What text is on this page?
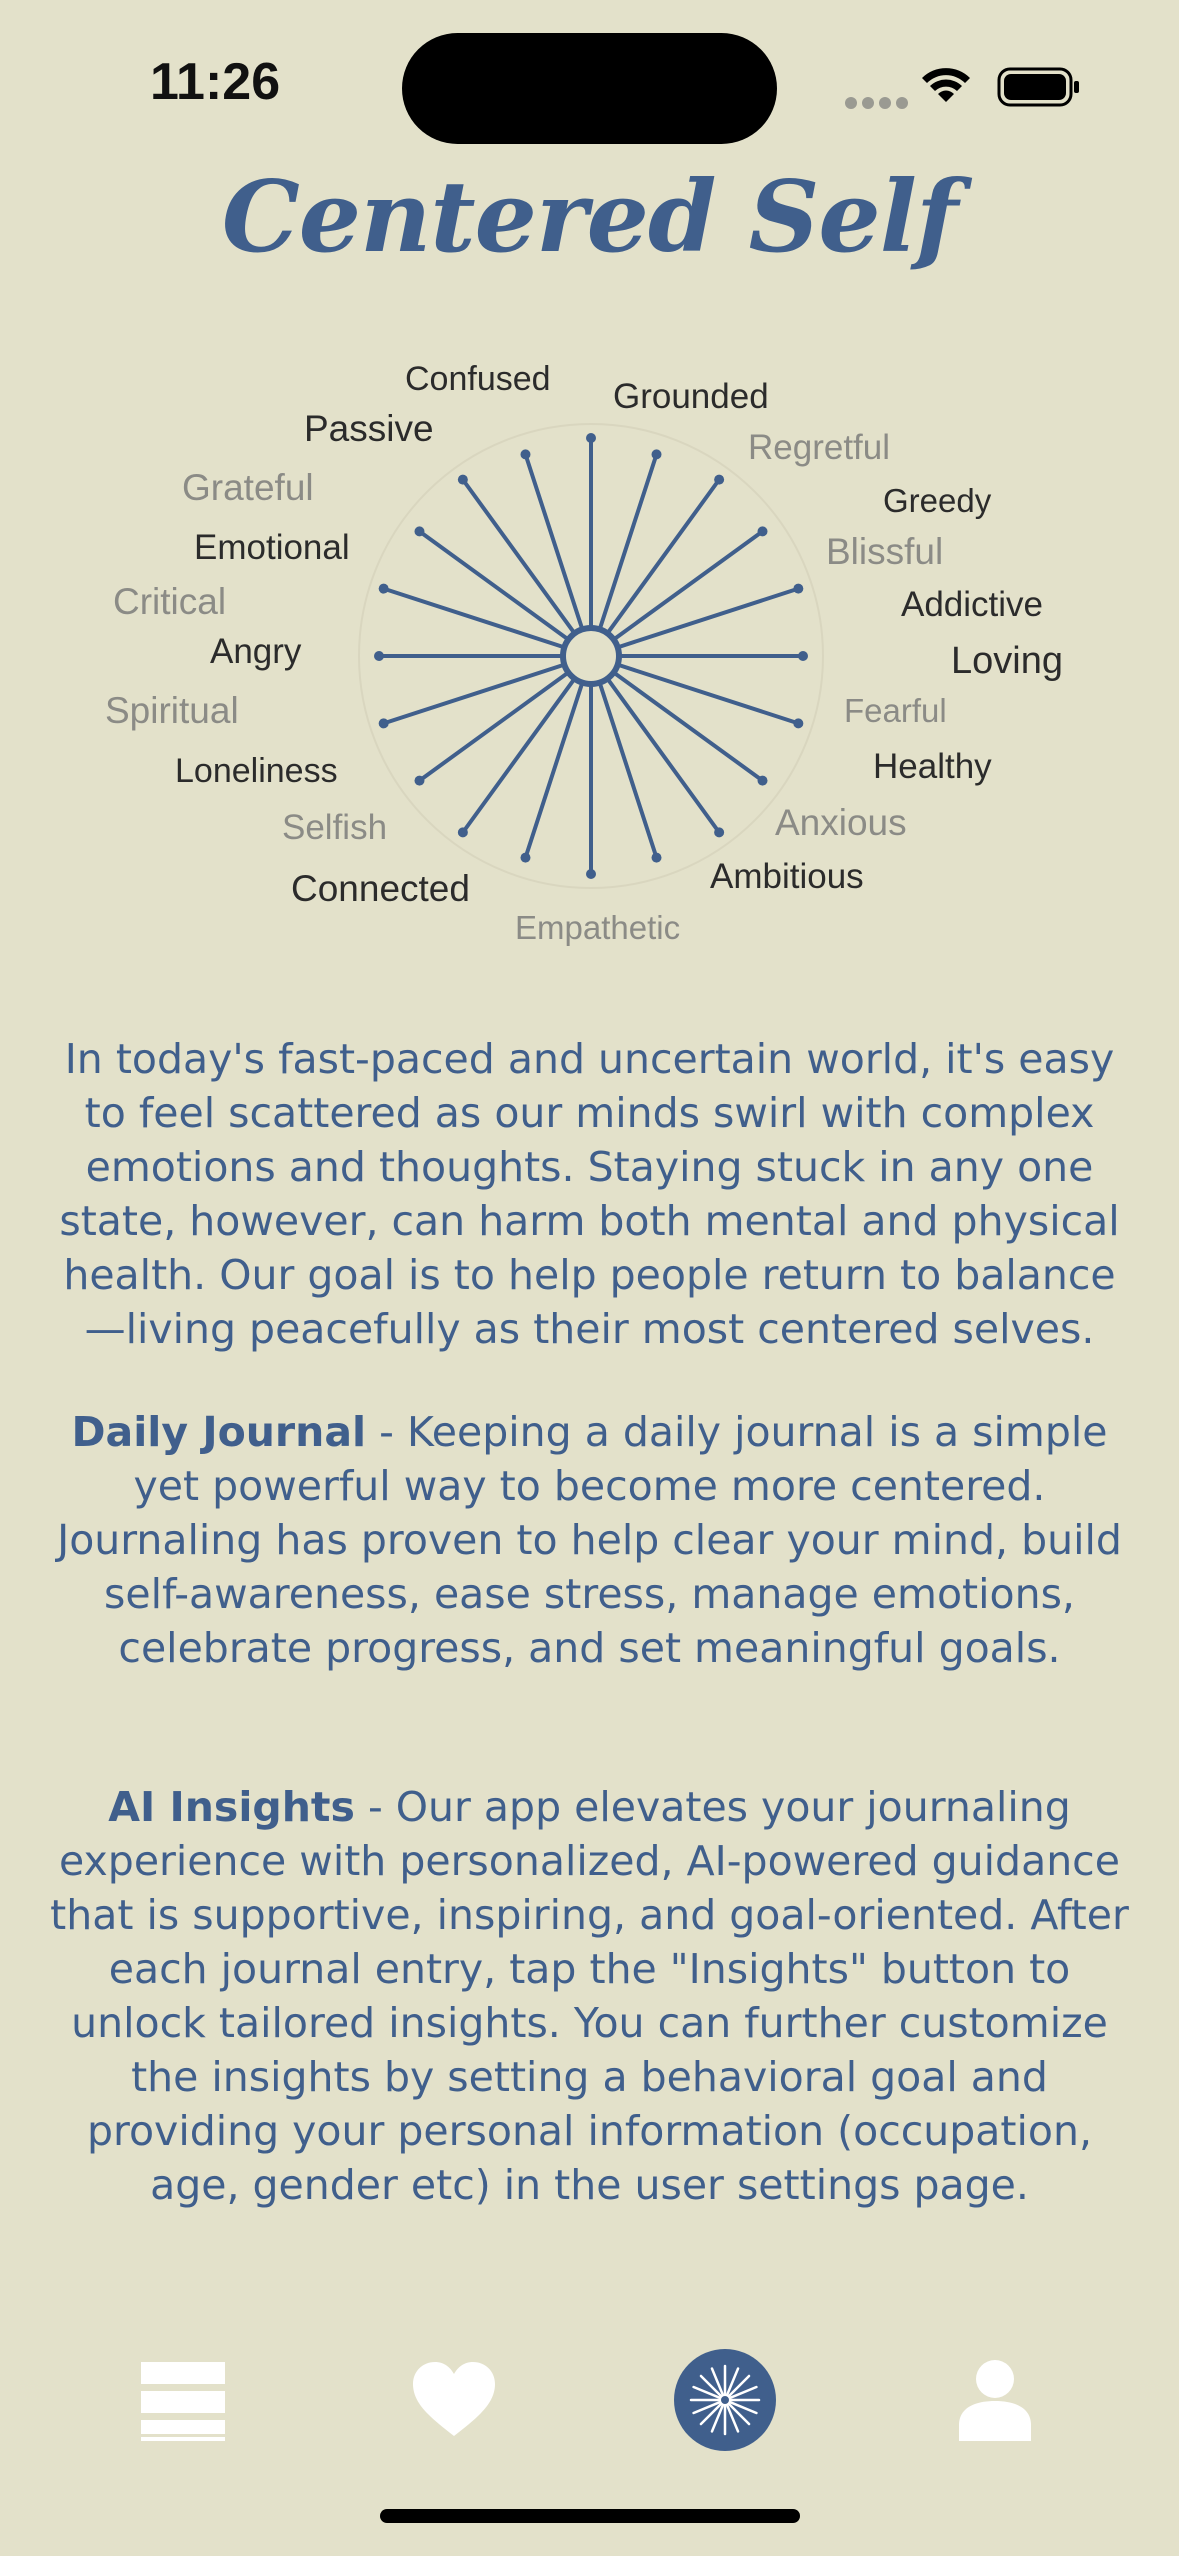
11:26
Centered Self
Confused Grounded
Passive	Regretful
Grateful	Greedy
Emotional	Blissful
Critical	Addictive
Angry	Loving
Spiritual	Fearful
Loneliness	Healthy
Selfish	Anxious
Connected	Ambitious
Empathetic
In today's fast-paced and uncertain world, it's easy to feel scattered as our minds swirl with complex emotions and thoughts. Staying stuck in any one state, however, can harm both mental and physical health. Our goal is to help people return to balance—living peacefully as their most centered selves.
Daily Journal - Keeping a daily journal is a simple yet powerful way to become more centered. Journaling has proven to help clear your mind, build self-awareness, ease stress, manage emotions, celebrate progress, and set meaningful goals.
AI Insights - Our app elevates your journaling experience with personalized, AI-powered guidance that is supportive, inspiring, and goal-oriented. After each journal entry, tap the "Insights" button to unlock tailored insights. You can further customize the insights by setting a behavioral goal and providing your personal information (occupation, age, gender etc) in the user settings page.
